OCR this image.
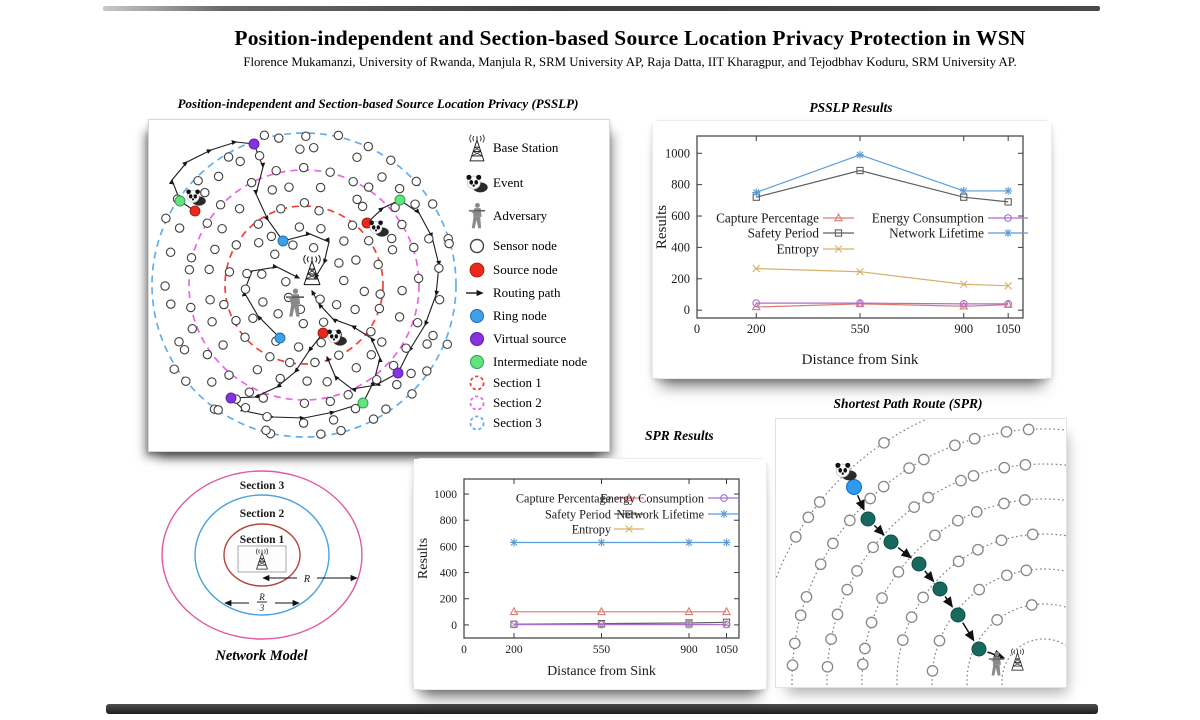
Position-independent and Section-based Source Location Privacy Protection in WSN
Florence Mukamanzi, University of Rwanda, Manjula R, SRM University AP, Raja Datta, IIT Kharagpur, and Tejodbhav Koduru, SRM University AP.
Position-independent and Section-based Source Location Privacy (PSSLP)
Base Station
Event
Adversary
Sensor node
Source node
Routing path
Ring node
Virtual source
Intermediate node
Section 1
Section 2
Section 3
PSSLP Results
0	200	550	900 1050
0
200
400
600
800
1000
Distance from Sink
Results	Capture Percentage
Safety Period
Entropy
Energy Consumption
Network Lifetime
SPR Results
0	200	550	900 1050
0
200
400
600
800
1000
Distance from Sink
Results
Capture Percentage
Safety Period
Entropy
Energy Consumption
Network Lifetime
Shortest Path Route (SPR)
Section 3
Section 2
Section 1
R
R
3
Network Model
